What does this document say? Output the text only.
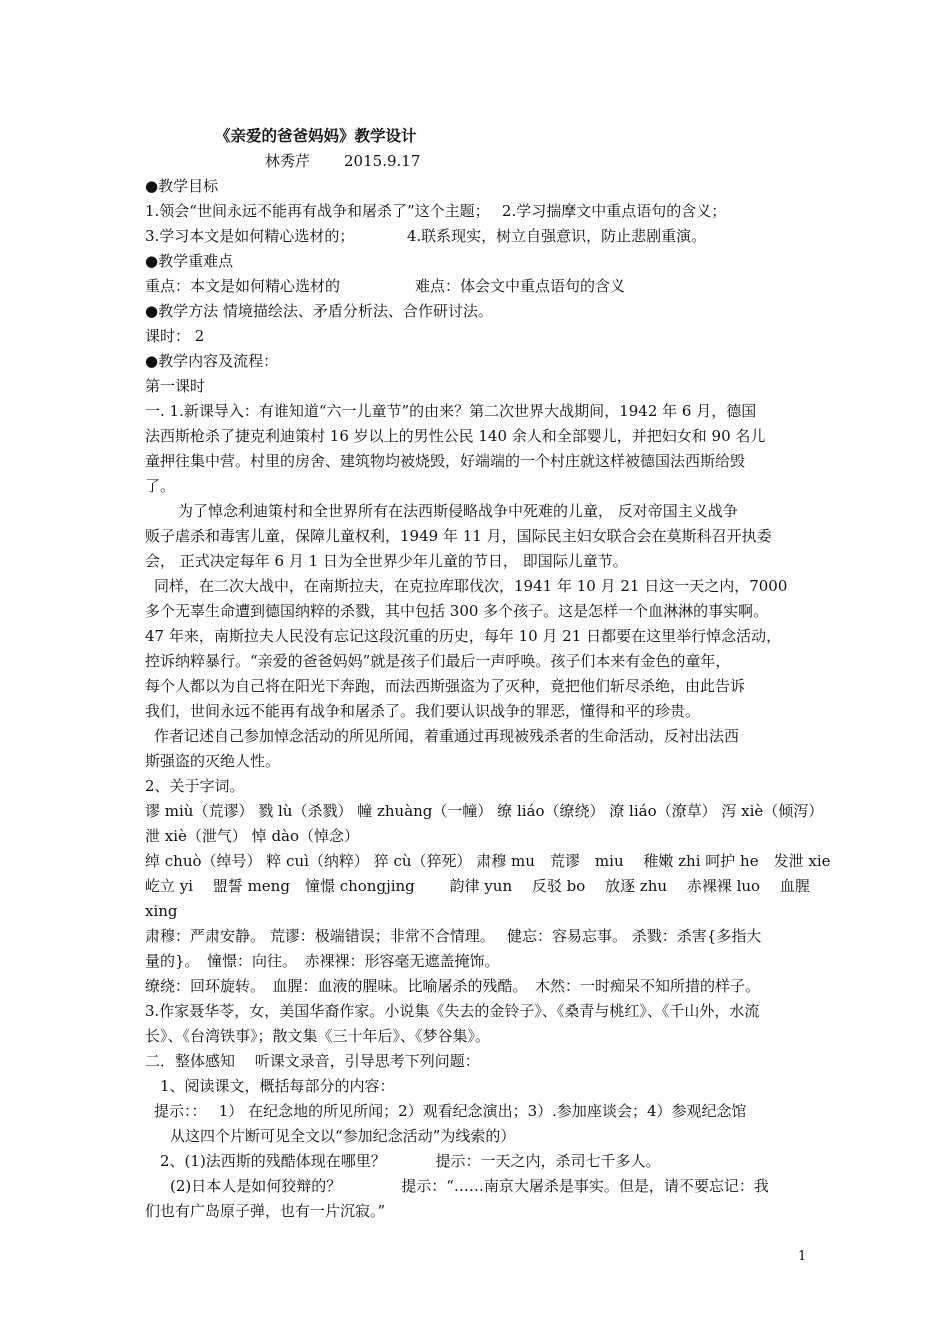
《亲爱的爸爸妈妈》教学设计
林秀芹 2015.9.17
●教学目标
1.领会“世间永远不能再有战争和屠杀了”这个主题；　 2.学习揣摩文中重点语句的含义；
3.学习本文是如何精心选材的；　　　　4.联系现实，树立自强意识，防止悲剧重演。
●教学重难点
重点：本文是如何精心选材的　　　　　难点：体会文中重点语句的含义
●教学方法 情境描绘法、矛盾分析法、合作研讨法。
课时： 2
●教学内容及流程：
第一课时
一. 1.新课导入：有谁知道“六一儿童节”的由来？第二次世界大战期间，1942 年 6 月，德国
法西斯枪杀了捷克利迪策村 16 岁以上的男性公民 140 余人和全部婴儿，并把妇女和 90 名儿
童押往集中营。村里的房舍、建筑物均被烧毁，好端端的一个村庄就这样被德国法西斯给毁
了。
为了悼念利迪策村和全世界所有在法西斯侵略战争中死难的儿童， 反对帝国主义战争
贩子虐杀和毒害儿童，保障儿童权利，1949 年 11 月，国际民主妇女联合会在莫斯科召开执委
会， 正式决定每年 6 月 1 日为全世界少年儿童的节日， 即国际儿童节。
同样，在二次大战中，在南斯拉夫，在克拉库耶伐次，1941 年 10 月 21 日这一天之内，7000
多个无辜生命遭到德国纳粹的杀戮，其中包括 300 多个孩子。这是怎样一个血淋淋的事实啊。
47 年来，南斯拉夫人民没有忘记这段沉重的历史，每年 10 月 21 日都要在这里举行悼念活动，
控诉纳粹暴行。“亲爱的爸爸妈妈”就是孩子们最后一声呼唤。孩子们本来有金色的童年，
每个人都以为自己将在阳光下奔跑，而法西斯强盗为了灭种，竟把他们斩尽杀绝，由此告诉
我们，世间永远不能再有战争和屠杀了。我们要认识战争的罪恶，懂得和平的珍贵。
作者记述自己参加悼念活动的所见所闻，着重通过再现被残杀者的生命活动，反衬出法西
斯强盗的灭绝人性。
2、关于字词。
谬 miù（荒谬） 戮 lù（杀戮） 幢 zhuàng（一幢） 缭 liáo（缭绕） 潦 liáo（潦草） 泻 xiè（倾泻）
泄 xiè（泄气） 悼 dào（悼念）
绰 chuò（绰号） 粹 cuì（纳粹） 猝 cù（猝死） 肃穆 mu　荒谬　miu　 稚嫩 zhi 呵护 he　发泄 xie
屹立 yi　 盟誓 meng　憧憬 chongjing　　 韵律 yun　 反驳 bo　 放逐 zhu　 赤裸裸 luo　 血腥
xing
肃穆：严肃安静。 荒谬：极端错误；非常不合情理。　 健忘：容易忘事。 杀戮：杀害{多指大
量的}。　憧憬：向往。　赤裸裸：形容毫无遮盖掩饰。
缭绕：回环旋转。　血腥：血液的腥味。比喻屠杀的残酷。　木然：一时痴呆不知所措的样子。
3.作家聂华苓，女，美国华裔作家。小说集《失去的金铃子》、《桑青与桃红》、《千山外，水流
长》、《台湾铁事》；散文集《三十年后》、《梦谷集》。
二．整体感知　 听课文录音，引导思考下列问题：
1、阅读课文，概括每部分的内容：
提示：：　 1） 在纪念地的所见所闻；2）观看纪念演出；3）.参加座谈会；4）参观纪念馆
从这四个片断可见全文以“参加纪念活动”为线索的）
2、(1)法西斯的残酷体现在哪里？　　　 提示：一天之内，杀司七千多人。
(2)日本人是如何狡辩的？　　　　提示：“……南京大屠杀是事实。但是，请不要忘记：我
们也有广岛原子弹，也有一片沉寂。”
1
